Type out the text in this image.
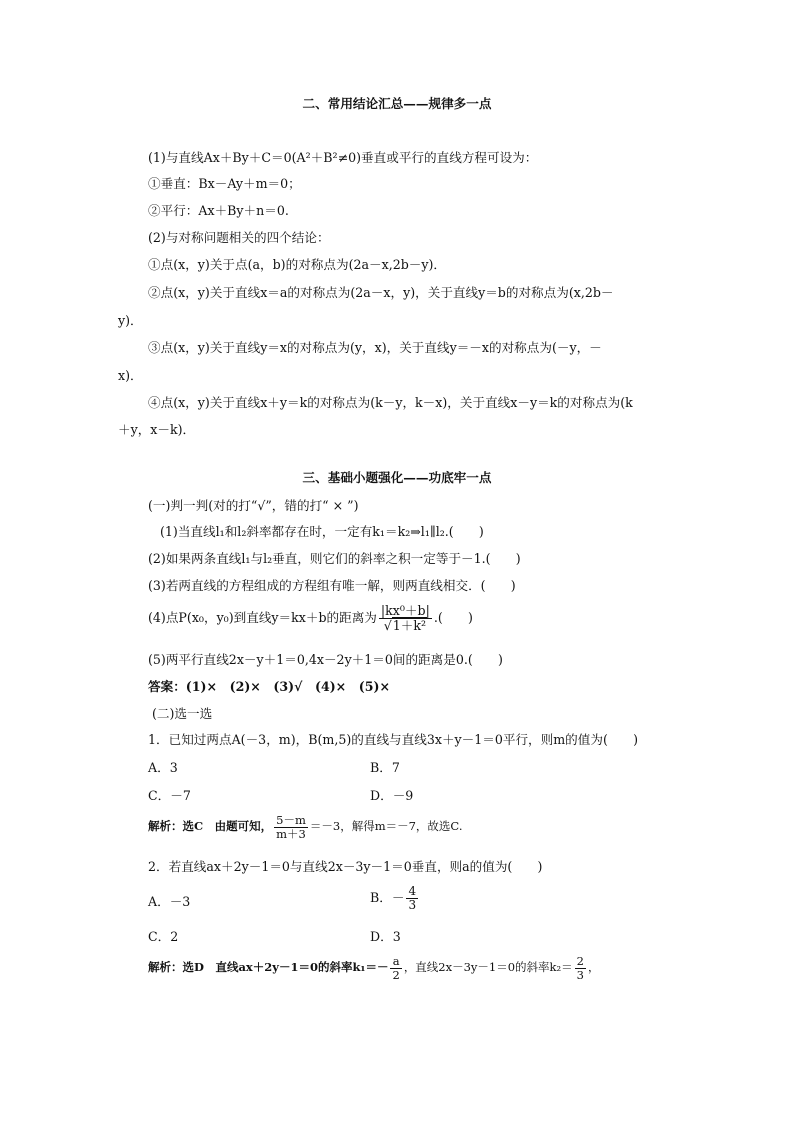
二、常用结论汇总——规律多一点
(1)与直线Ax＋By＋C＝0(A²＋B²≠0)垂直或平行的直线方程可设为：
①垂直：Bx－Ay＋m＝0；
②平行：Ax＋By＋n＝0.
(2)与对称问题相关的四个结论：
①点(x，y)关于点(a，b)的对称点为(2a－x,2b－y)．
②点(x，y)关于直线x＝a的对称点为(2a－x，y)，关于直线y＝b的对称点为(x,2b－
y)．
③点(x，y)关于直线y＝x的对称点为(y，x)，关于直线y＝－x的对称点为(－y，－
x)．
④点(x，y)关于直线x＋y＝k的对称点为(k－y，k－x)，关于直线x－y＝k的对称点为(k
＋y，x－k)．
三、基础小题强化——功底牢一点
(一)判一判(对的打“√”，错的打“ × ”)
(1)当直线l₁和l₂斜率都存在时，一定有k₁＝k₂⇒l₁∥l₂.(　　)
(2)如果两条直线l₁与l₂垂直，则它们的斜率之积一定等于－1.(　　)
(3)若两直线的方程组成的方程组有唯一解，则两直线相交．(　　)
(4)点P(x₀，y₀)到直线y＝kx＋b的距离为 $\frac{\text{|kx⁰＋b|}}{\text{√1＋k²}}$ .(　　)
(5)两平行直线2x－y＋1＝0,4x－2y＋1＝0间的距离是0.(　　)
答案：(1)×　(2)×　(3)√　(4)×　(5)×
(二)选一选
1．已知过两点A(－3，m)，B(m,5)的直线与直线3x＋y－1＝0平行，则m的值为(　　)
A．3	B．7
C．－7	D．－9
解析：选C　由题可知， $\frac{5-m}{m+3} =-3$，解得m＝－7，故选C.
2．若直线ax＋2y－1＝0与直线2x－3y－1＝0垂直，则a的值为(　　)
A．－3	B．－ $\frac{4}{3}$
C．2	D．3
解析：选D　直线ax＋2y－1＝0的斜率$k_1=- \frac{a}{2}$ ，直线2x－3y－1＝0的斜率$k_2= \frac{2}{3}$ ，
